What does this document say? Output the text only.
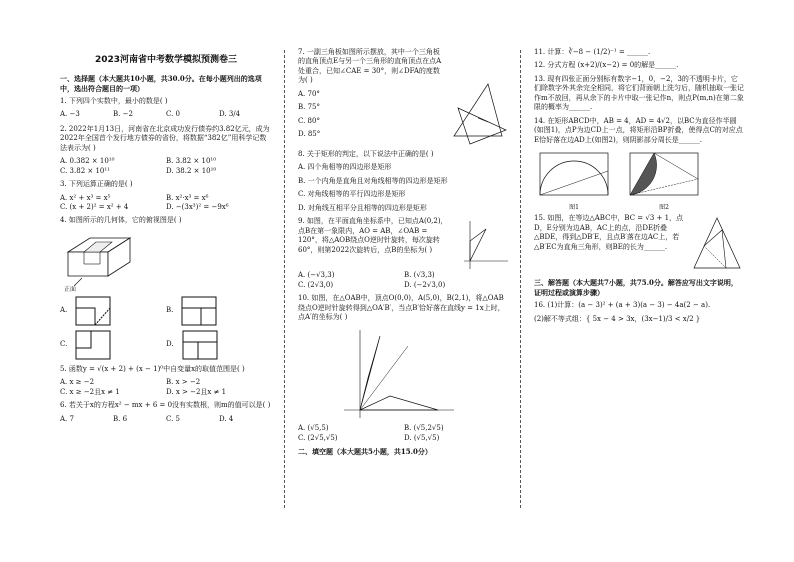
2023河南省中考数学模拟预测卷三
一、选择题（本大题共10小题，共30.0分。在每小题列出的选项中，选出符合题目的一项）
1. 下列四个实数中，最小的数是( )
A. −3	B. −2	C. 0	D. 3/4
2. 2022年1月13日，河南省在北京成功发行债券约3.82亿元，成为2022年全国首个发行地方债券的省份，将数据“382亿”用科学记数法表示为( )
A. 0.382 × 10¹⁰	B. 3.82 × 10¹⁰
C. 3.82 × 10¹¹	D. 38.2 × 10¹⁰
3. 下列运算正确的是( )
A. x² + x³ = x⁵	B. x²·x³ = x⁶
C. (x + 2)² = x² + 4	D. −(3x³)² = −9x⁶
4. 如图所示的几何体，它的俯视图是( )
正面
A.	B.
C.	D.
5. 函数y = √(x + 2) + (x − 1)⁰中自变量x的取值范围是( )
A. x ≥ −2	B. x > −2
C. x ≥ −2且x ≠ 1	D. x > −2且x ≠ 1
6. 若关于x的方程x² − mx + 6 = 0没有实数根，则m的值可以是( )
A. 7	B. 6	C. 5	D. 4
7. 一副三角板如图所示摆放，其中一个三角板的直角顶点E与另一个三角形的直角顶点在点A处重合，已知∠CAE = 30°，则∠DFA的度数为( )
A. 70°
B. 75°
C. 80°
D. 85°
8. 关于矩形的判定，以下说法中正确的是( )
A. 四个角相等的四边形是矩形
B. 一个内角是直角且对角线相等的四边形是矩形
C. 对角线相等的平行四边形是矩形
D. 对角线互相平分且相等的四边形是矩形
9. 如图，在平面直角坐标系中，已知点A(0,2)，点B在第一象限内，AO = AB，∠OAB = 120°，将△AOB绕点O逆时针旋转，每次旋转60°，则第2022次旋转后，点B的坐标为( )
A. (−√3,3)	B. (√3,3)
C. (2√3,0)	D. (−2√3,0)
10. 如图，在△OAB中，顶点O(0,0)，A(5,0)，B(2,1)，将△OAB绕点O逆时针旋转得到△OA′B′，当点B′恰好落在直线y = 1x上时，点A′的坐标为( )
A. (√5,5)	B. (√5,2√5)
C. (2√5,√5)	D. (√5,√5)
二、填空题（本大题共5小题，共15.0分）
11. 计算：∛−8 − (1/2)⁻¹ = ______.
12. 分式方程 (x+2)/(x−2) = 0的解是______.
13. 现有四张正面分别标有数字−1，0，−2，3的不透明卡片，它们除数字外其余完全相同，将它们背面朝上洗匀后，随机抽取一张记作m不放回，再从余下的卡片中取一张记作n，则点P(m,n)在第二象限的概率为______.
14. 在矩形ABCD中，AB = 4，AD = 4√2，以BC为直径作半圆(如图1)，点P为边CD上一点，将矩形沿BP折叠，使得点C的对应点E恰好落在边AD上(如图2)，则阴影部分周长是______.
图1	图2
15. 如图，在等边△ABC中，BC = √3 + 1，点D，E分别为边AB，AC上的点，沿DE折叠△BDE，得到△DB′E，且点B′落在边AC上，若△B′EC为直角三角形，则BE的长为______.
三、解答题（本大题共7小题，共75.0分。解答应写出文字说明，证明过程或演算步骤）
16. (1)计算：(a − 3)² + (a + 3)(a − 3) − 4a(2 − a).
(2)解不等式组：{ 5x − 4 > 3x，(3x−1)/3 < x/2 }
